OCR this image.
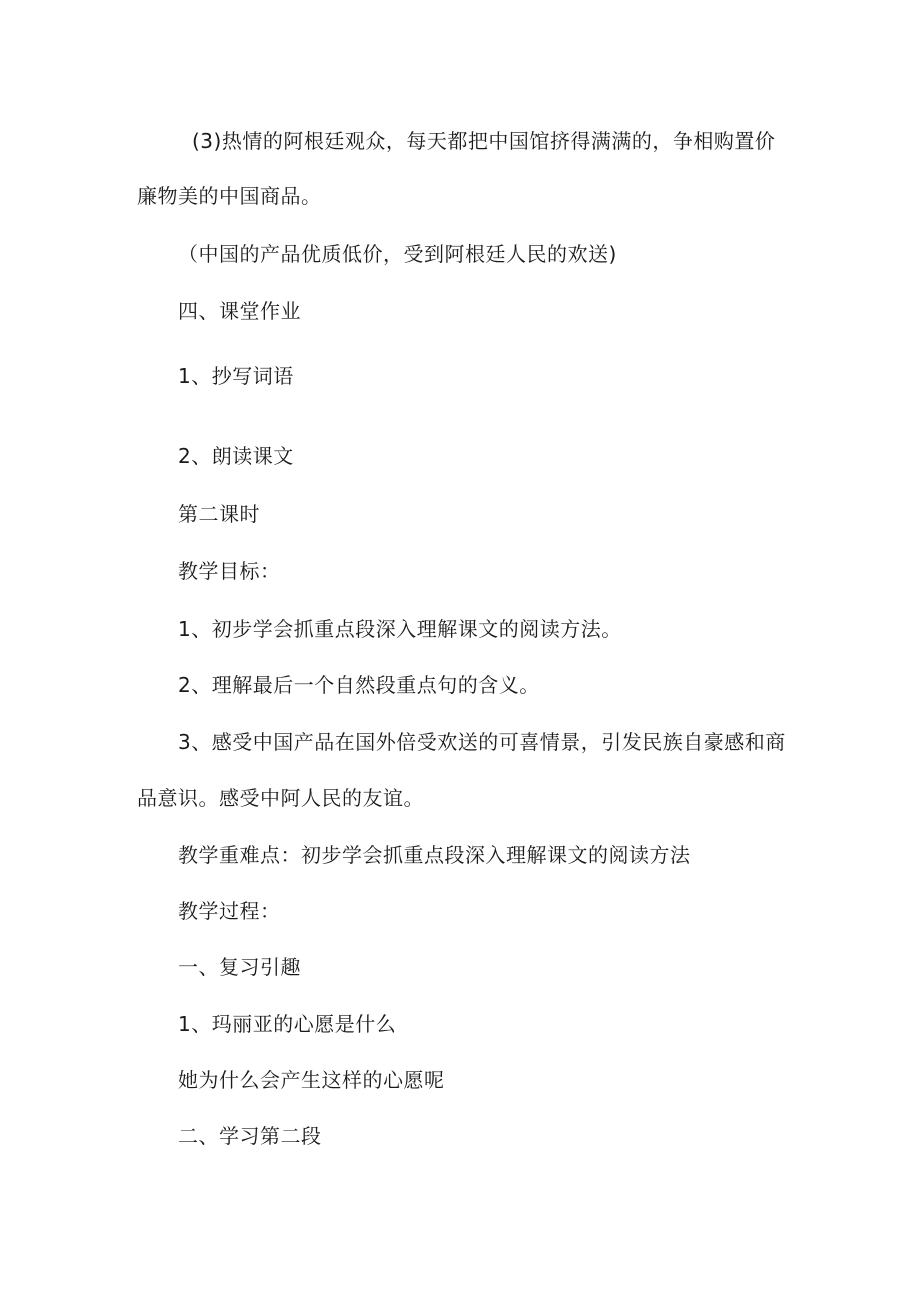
(3)热情的阿根廷观众，每天都把中国馆挤得满满的，争相购置价
廉物美的中国商品。
（中国的产品优质低价，受到阿根廷人民的欢送)
四、课堂作业
1、抄写词语
2、朗读课文
第二课时
教学目标：
1、初步学会抓重点段深入理解课文的阅读方法。
2、理解最后一个自然段重点句的含义。
3、感受中国产品在国外倍受欢送的可喜情景，引发民族自豪感和商
品意识。感受中阿人民的友谊。
教学重难点：初步学会抓重点段深入理解课文的阅读方法
教学过程：
一、复习引趣
1、玛丽亚的心愿是什么
她为什么会产生这样的心愿呢
二、学习第二段
